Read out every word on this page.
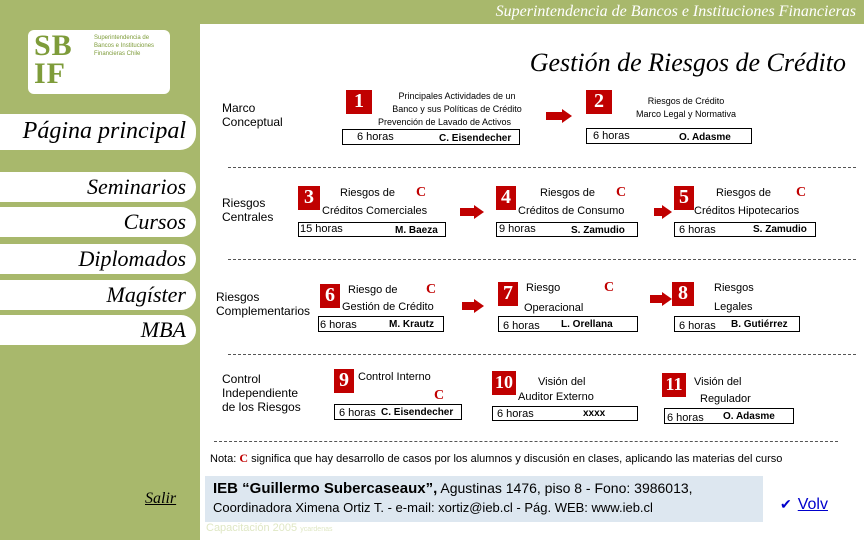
Superintendencia de Bancos e Instituciones Financieras
SB
IF
Superintendencia de Bancos e Instituciones Financieras Chile	Gestión de Riesgos de Crédito
Página principal
Seminarios
Cursos
Diplomados
Magíster
MBA
Salir
Capacitación 2005 ycardenas
Marco Conceptual
Riesgos Centrales
Riesgos Complementarios
Control Independiente de los Riesgos
1	Principales Actividades de un
Banco y sus Políticas de Crédito
Prevención de Lavado de Activos
6 horas	C. Eisendecher
2	Riesgos de Crédito
Marco Legal y Normativa
6 horas	O. Adasme
3	Riesgos de C
Créditos Comerciales
15 horas	M. Baeza
4	Riesgos de C
Créditos de Consumo
9 horas	S. Zamudio
5	Riesgos de C
Créditos Hipotecarios
6 horas	S. Zamudio
6	Riesgo de C
Gestión de Crédito
6 horas	M. Krautz
7	Riesgo	C
Operacional
6 horas L. Orellana
8	Riesgos
Legales
6 horas B. Gutiérrez
9 Control Interno
C
6 horas C. Eisendecher
10 Visión del
Auditor Externo
6 horas	xxxx
11	Visión del
Regulador
6 horas O. Adasme
Nota: C significa que hay desarrollo de casos por los alumnos y discusión en clases, aplicando las materias del curso
IEB “Guillermo Subercaseaux”, Agustinas 1476, piso 8 - Fono: 3986013,
Coordinadora Ximena Ortiz T. - e-mail: xortiz@ieb.cl - Pág. WEB: www.ieb.cl	✔ Volv
